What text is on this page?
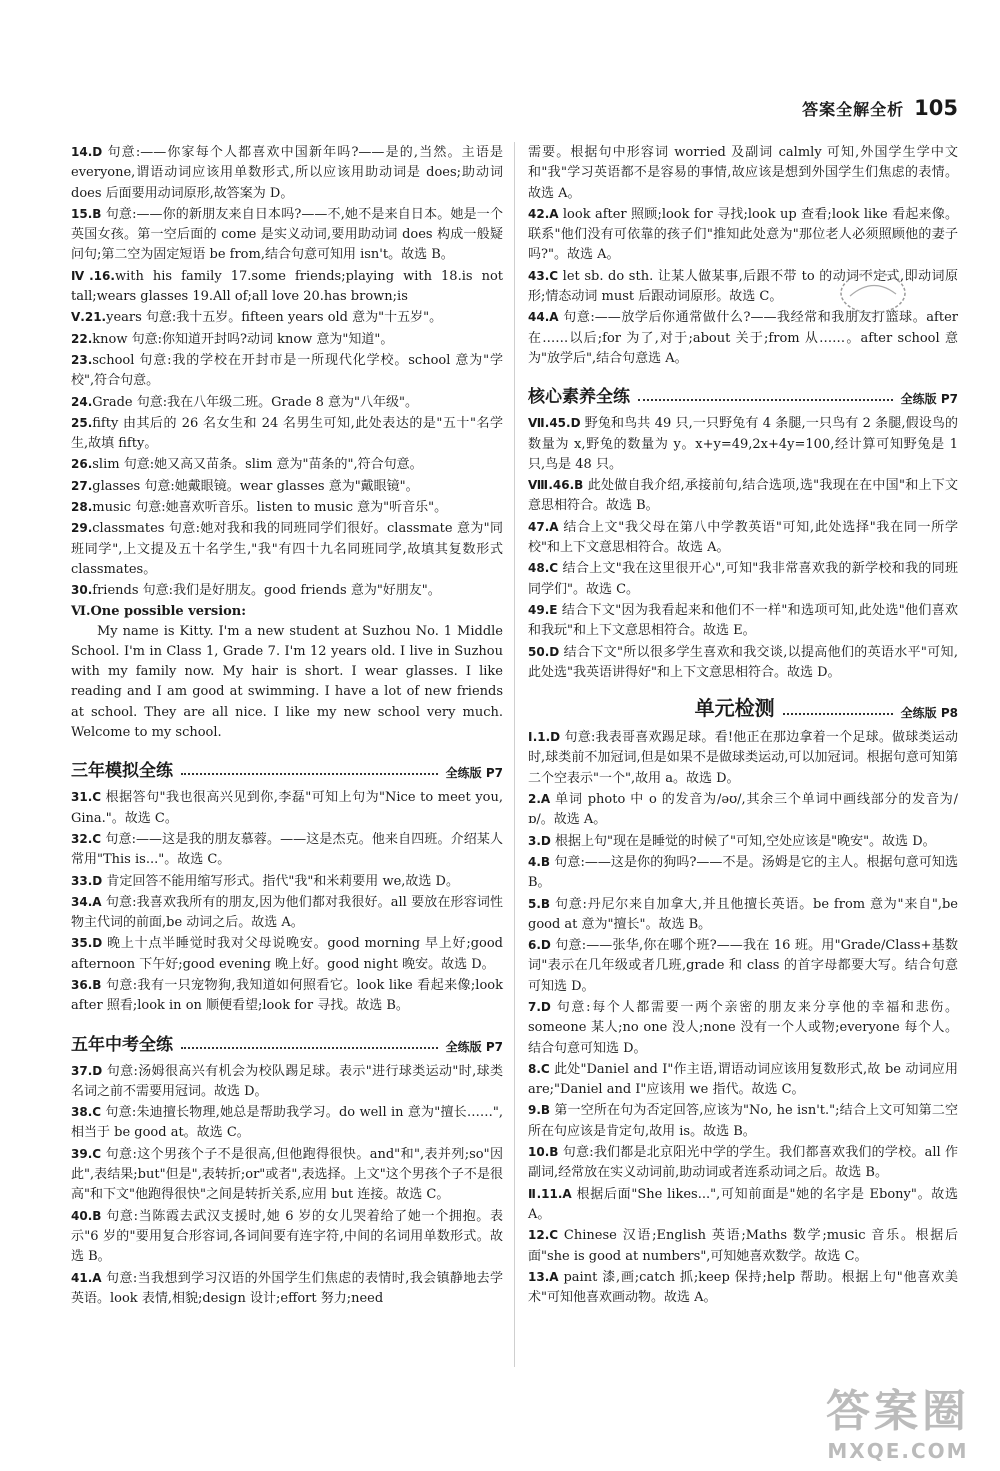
答案全解全析 105

14.D 句意:——你家每个人都喜欢中国新年吗?——是的,当然。主语是 everyone,谓语动词应该用单数形式,所以应该用助动词是 does;助动词 does 后面要用动词原形,故答案为 D。

15.B 句意:——你的新朋友来自日本吗?——不,她不是来自日本。她是一个英国女孩。第一空后面的 come 是实义动词,要用助动词 does 构成一般疑问句;第二空为固定短语 be from,结合句意可知用 isn't。故选 B。

Ⅳ.16.with his family 17.some friends;playing with 18.is not tall;wears glasses 19.All of;all love 20.has brown;is

Ⅴ.21.years 句意:我十五岁。fifteen years old 意为"十五岁"。

22.know 句意:你知道开封吗?动词 know 意为"知道"。

23.school 句意:我的学校在开封市是一所现代化学校。school 意为"学校",符合句意。

24.Grade 句意:我在八年级二班。Grade 8 意为"八年级"。

25.fifty 由其后的 26 名女生和 24 名男生可知,此处表达的是"五十"名学生,故填 fifty。

26.slim 句意:她又高又苗条。slim 意为"苗条的",符合句意。

27.glasses 句意:她戴眼镜。wear glasses 意为"戴眼镜"。

28.music 句意:她喜欢听音乐。listen to music 意为"听音乐"。

29.classmates 句意:她对我和我的同班同学们很好。classmate 意为"同班同学",上文提及五十名学生,"我"有四十九名同班同学,故填其复数形式 classmates。

30.friends 句意:我们是好朋友。good friends 意为"好朋友"。

Ⅵ.One possible version:

My name is Kitty. I'm a new student at Suzhou No. 1 Middle School. I'm in Class 1, Grade 7. I'm 12 years old. I live in Suzhou with my family now. My hair is short. I wear glasses. I like reading and I am good at swimming. I have a lot of new friends at school. They are all nice. I like my new school very much. Welcome to my school.

三年模拟全练	全练版 P7

31.C 根据答句"我也很高兴见到你,李磊"可知上句为"Nice to meet you, Gina."。故选 C。

32.C 句意:——这是我的朋友慕蓉。——这是杰克。他来自四班。介绍某人常用"This is..."。故选 C。

33.D 肯定回答不能用缩写形式。指代"我"和米莉要用 we,故选 D。

34.A 句意:我喜欢我所有的朋友,因为他们都对我很好。all 要放在形容词性物主代词的前面,be 动词之后。故选 A。

35.D 晚上十点半睡觉时我对父母说晚安。good morning 早上好;good afternoon 下午好;good evening 晚上好。good night 晚安。故选 D。

36.B 句意:我有一只宠物狗,我知道如何照看它。look like 看起来像;look after 照看;look in on 顺便看望;look for 寻找。故选 B。

五年中考全练	全练版 P7

37.D 句意:汤姆很高兴有机会为校队踢足球。表示"进行球类运动"时,球类名词之前不需要用冠词。故选 D。

38.C 句意:朱迪擅长物理,她总是帮助我学习。do well in 意为"擅长……",相当于 be good at。故选 C。

39.C 句意:这个男孩个子不是很高,但他跑得很快。and"和",表并列;so"因此",表结果;but"但是",表转折;or"或者",表选择。上文"这个男孩个子不是很高"和下文"他跑得很快"之间是转折关系,应用 but 连接。故选 C。

40.B 句意:当陈霞去武汉支援时,她 6 岁的女儿哭着给了她一个拥抱。表示"6 岁的"要用复合形容词,各词间要有连字符,中间的名词用单数形式。故选 B。

41.A 句意:当我想到学习汉语的外国学生们焦虑的表情时,我会镇静地去学英语。look 表情,相貌;design 设计;effort 努力;need

需要。根据句中形容词 worried 及副词 calmly 可知,外国学生学中文和"我"学习英语都不是容易的事情,故应该是想到外国学生们焦虑的表情。故选 A。

42.A look after 照顾;look for 寻找;look up 查看;look like 看起来像。联系"他们没有可依靠的孩子们"推知此处意为"那位老人必须照顾他的妻子吗?"。故选 A。

43.C let sb. do sth. 让某人做某事,后跟不带 to 的动词不定式,即动词原形;情态动词 must 后跟动词原形。故选 C。

44.A 句意:——放学后你通常做什么?——我经常和我朋友打篮球。after 在……以后;for 为了,对于;about 关于;from 从……。after school 意为"放学后",结合句意选 A。

核心素养全练	全练版 P7

Ⅶ.45.D 野兔和鸟共 49 只,一只野兔有 4 条腿,一只鸟有 2 条腿,假设鸟的数量为 x,野兔的数量为 y。x+y=49,2x+4y=100,经计算可知野兔是 1 只,鸟是 48 只。

Ⅷ.46.B 此处做自我介绍,承接前句,结合选项,选"我现在在中国"和上下文意思相符合。故选 B。

47.A 结合上文"我父母在第八中学教英语"可知,此处选择"我在同一所学校"和上下文意思相符合。故选 A。

48.C 结合上文"我在这里很开心",可知"我非常喜欢我的新学校和我的同班同学们"。故选 C。

49.E 结合下文"因为我看起来和他们不一样"和选项可知,此处选"他们喜欢和我玩"和上下文意思相符合。故选 E。

50.D 结合下文"所以很多学生喜欢和我交谈,以提高他们的英语水平"可知,此处选"我英语讲得好"和上下文意思相符合。故选 D。

单元检测	全练版 P8

Ⅰ.1.D 句意:我表哥喜欢踢足球。看!他正在那边拿着一个足球。做球类运动时,球类前不加冠词,但是如果不是做球类运动,可以加冠词。根据句意可知第二个空表示"一个",故用 a。故选 D。

2.A 单词 photo 中 o 的发音为/əʊ/,其余三个单词中画线部分的发音为/ɒ/。故选 A。

3.D 根据上句"现在是睡觉的时候了"可知,空处应该是"晚安"。故选 D。

4.B 句意:——这是你的狗吗?——不是。汤姆是它的主人。根据句意可知选 B。

5.B 句意:丹尼尔来自加拿大,并且他擅长英语。be from 意为"来自",be good at 意为"擅长"。故选 B。

6.D 句意:——张华,你在哪个班?——我在 16 班。用"Grade/Class+基数词"表示在几年级或者几班,grade 和 class 的首字母都要大写。结合句意可知选 D。

7.D 句意:每个人都需要一两个亲密的朋友来分享他的幸福和悲伤。someone 某人;no one 没人;none 没有一个人或物;everyone 每个人。结合句意可知选 D。

8.C 此处"Daniel and I"作主语,谓语动词应该用复数形式,故 be 动词应用 are;"Daniel and I"应该用 we 指代。故选 C。

9.B 第一空所在句为否定回答,应该为"No, he isn't.";结合上文可知第二空所在句应该是肯定句,故用 is。故选 B。

10.B 句意:我们都是北京阳光中学的学生。我们都喜欢我们的学校。all 作副词,经常放在实义动词前,助动词或者连系动词之后。故选 B。

Ⅱ.11.A 根据后面"She likes...",可知前面是"她的名字是 Ebony"。故选 A。

12.C Chinese 汉语;English 英语;Maths 数学;music 音乐。根据后面"she is good at numbers",可知她喜欢数学。故选 C。

13.A paint 漆,画;catch 抓;keep 保持;help 帮助。根据上句"他喜欢美术"可知他喜欢画动物。故选 A。

答案圈
MXQE.COM
